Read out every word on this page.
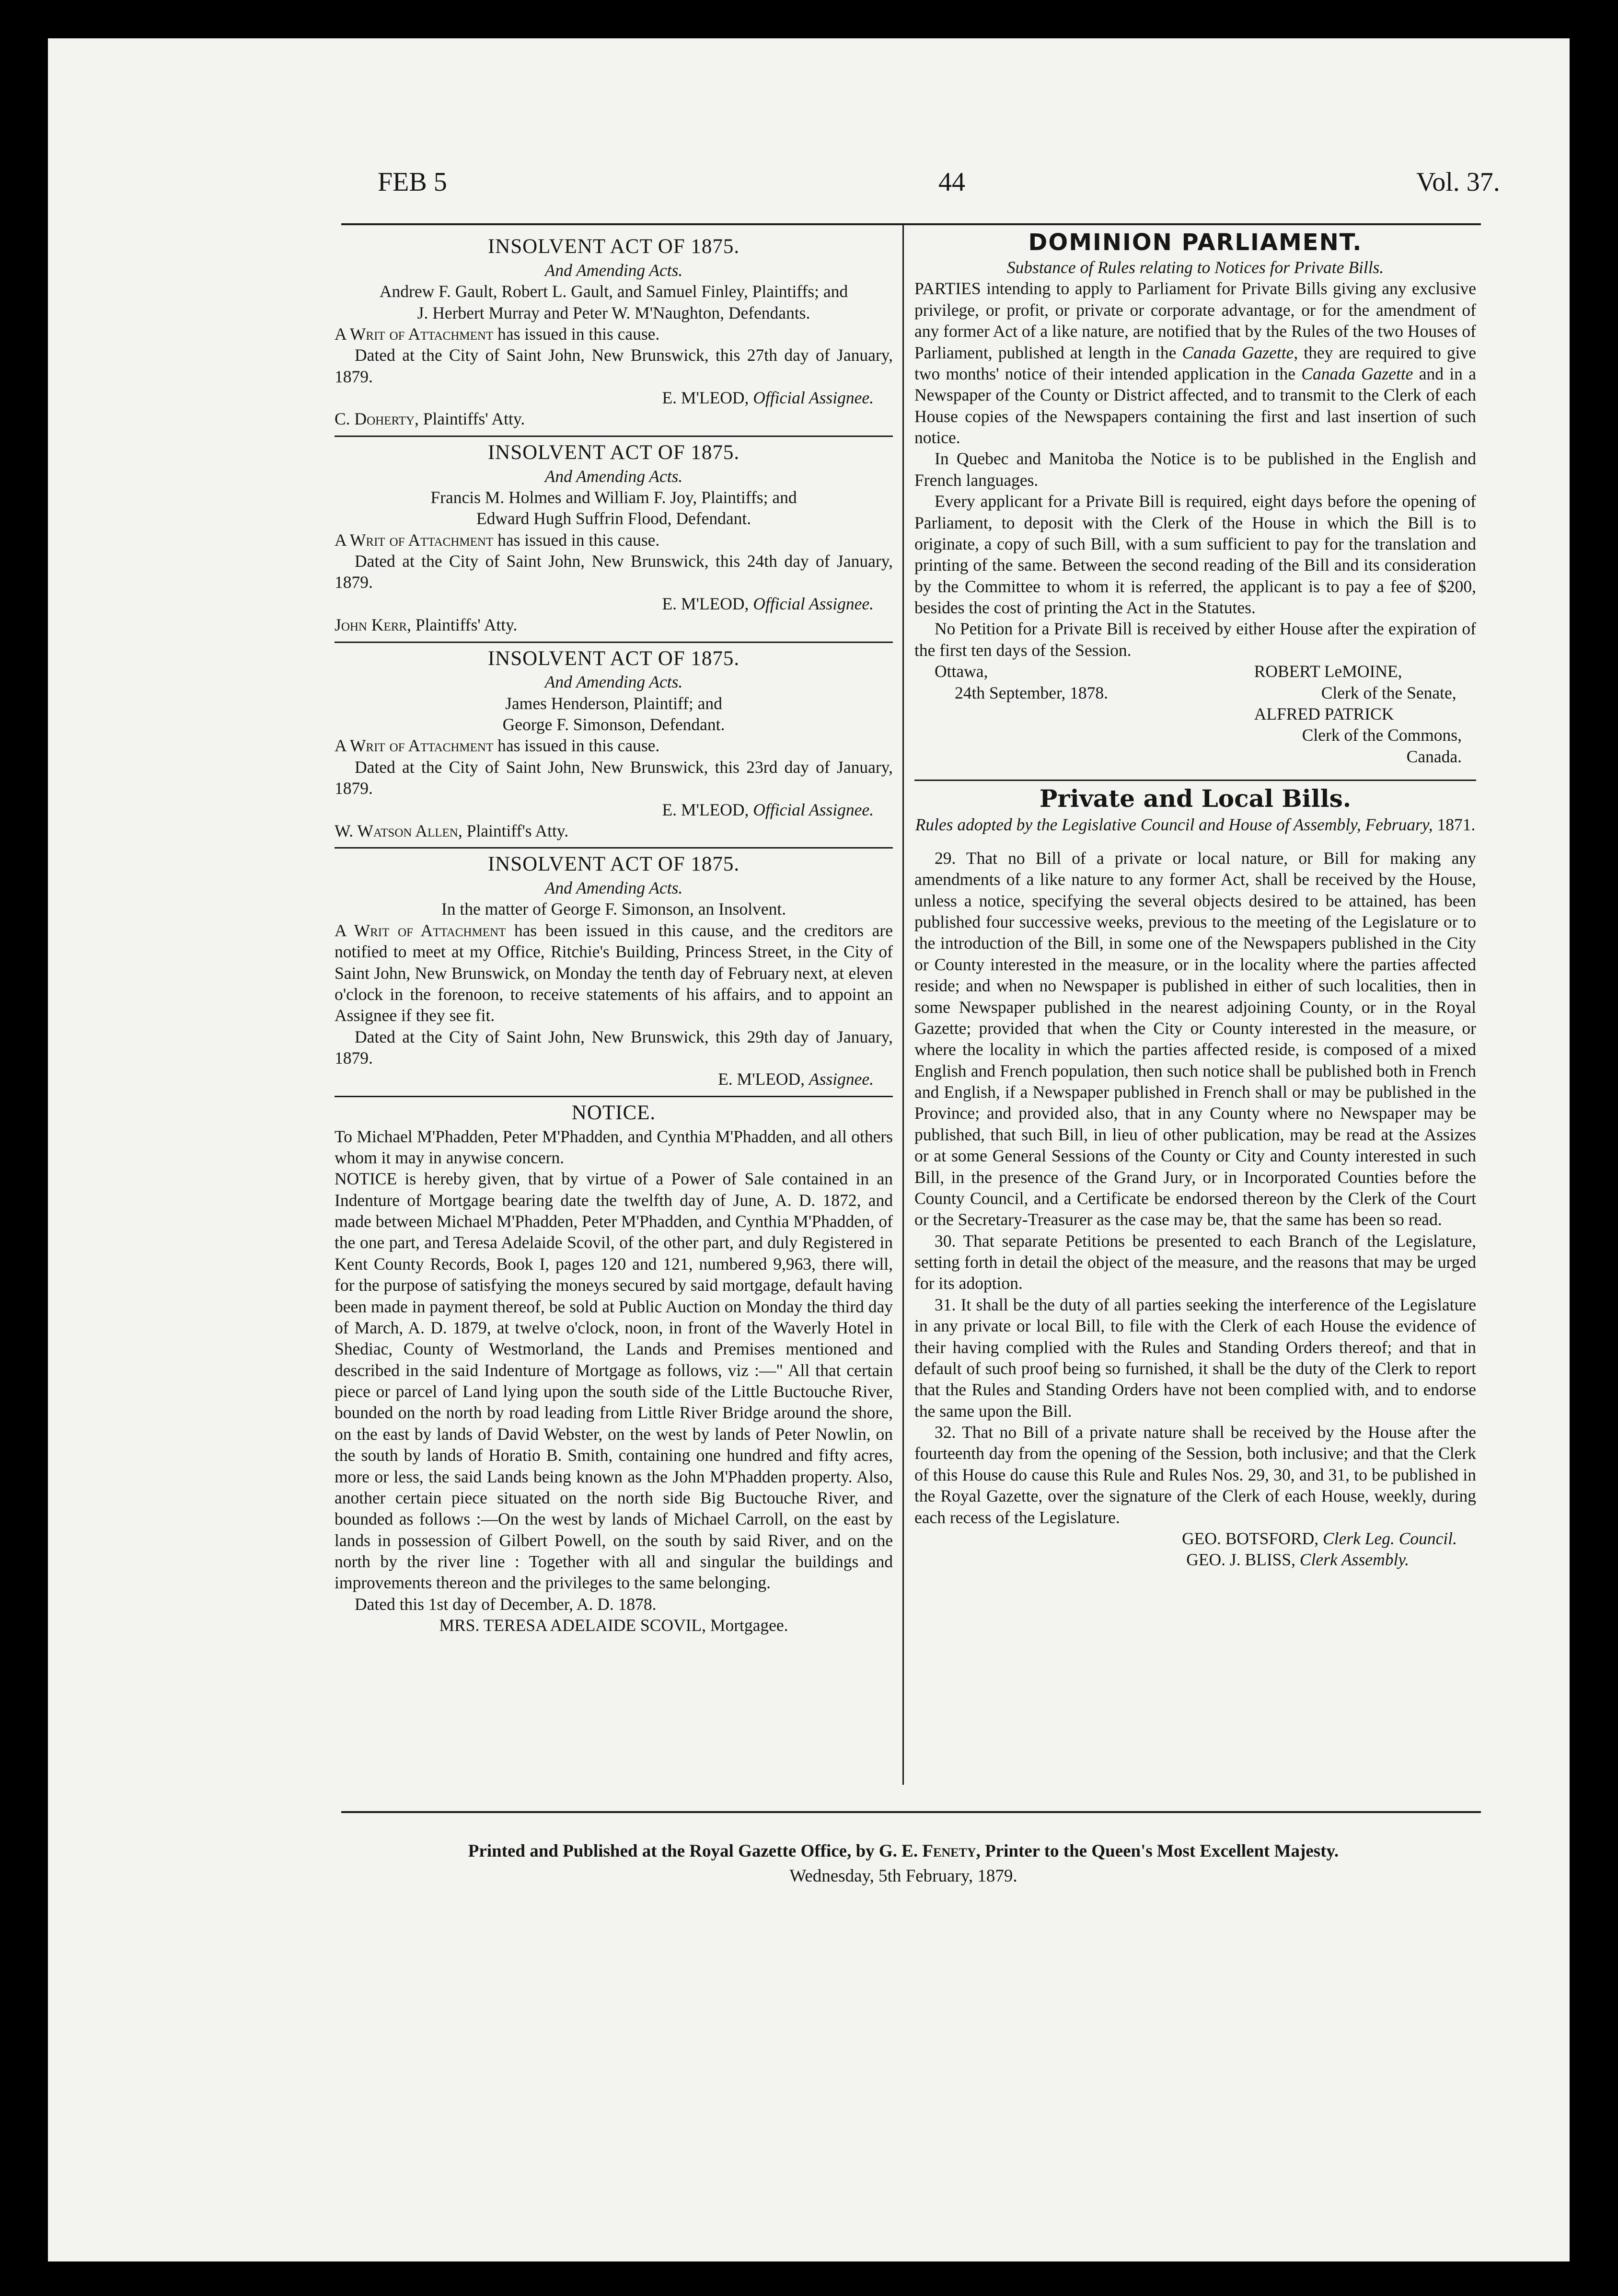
FEB 5	44	Vol. 37.

INSOLVENT ACT OF 1875.

And Amending Acts.

Andrew F. Gault, Robert L. Gault, and Samuel Finley, Plaintiffs; and

J. Herbert Murray and Peter W. M'Naughton, Defendants.

A Writ of Attachment has issued in this cause.

Dated at the City of Saint John, New Brunswick, this 27th day of January, 1879.

E. M'LEOD, Official Assignee.

C. Doherty, Plaintiffs' Atty.

INSOLVENT ACT OF 1875.

And Amending Acts.

Francis M. Holmes and William F. Joy, Plaintiffs; and

Edward Hugh Suffrin Flood, Defendant.

A Writ of Attachment has issued in this cause.

Dated at the City of Saint John, New Brunswick, this 24th day of January, 1879.

E. M'LEOD, Official Assignee.

John Kerr, Plaintiffs' Atty.

INSOLVENT ACT OF 1875.

And Amending Acts.

James Henderson, Plaintiff; and

George F. Simonson, Defendant.

A Writ of Attachment has issued in this cause.

Dated at the City of Saint John, New Brunswick, this 23rd day of January, 1879.

E. M'LEOD, Official Assignee.

W. Watson Allen, Plaintiff's Atty.

INSOLVENT ACT OF 1875.

And Amending Acts.

In the matter of George F. Simonson, an Insolvent.

A Writ of Attachment has been issued in this cause, and the creditors are notified to meet at my Office, Ritchie's Building, Princess Street, in the City of Saint John, New Brunswick, on Monday the tenth day of February next, at eleven o'clock in the forenoon, to receive statements of his affairs, and to appoint an Assignee if they see fit.

Dated at the City of Saint John, New Brunswick, this 29th day of January, 1879.

E. M'LEOD, Assignee.

NOTICE.

To Michael M'Phadden, Peter M'Phadden, and Cynthia M'Phadden, and all others whom it may in anywise concern.

NOTICE is hereby given, that by virtue of a Power of Sale contained in an Indenture of Mortgage bearing date the twelfth day of June, A. D. 1872, and made between Michael M'Phadden, Peter M'Phadden, and Cynthia M'Phadden, of the one part, and Teresa Adelaide Scovil, of the other part, and duly Registered in Kent County Records, Book I, pages 120 and 121, numbered 9,963, there will, for the purpose of satisfying the moneys secured by said mortgage, default having been made in payment thereof, be sold at Public Auction on Monday the third day of March, A. D. 1879, at twelve o'clock, noon, in front of the Waverly Hotel in Shediac, County of Westmorland, the Lands and Premises mentioned and described in the said Indenture of Mortgage as follows, viz :—" All that certain piece or parcel of Land lying upon the south side of the Little Buctouche River, bounded on the north by road leading from Little River Bridge around the shore, on the east by lands of David Webster, on the west by lands of Peter Nowlin, on the south by lands of Horatio B. Smith, containing one hundred and fifty acres, more or less, the said Lands being known as the John M'Phadden property. Also, another certain piece situated on the north side Big Buctouche River, and bounded as follows :—On the west by lands of Michael Carroll, on the east by lands in possession of Gilbert Powell, on the south by said River, and on the north by the river line : Together with all and singular the buildings and improvements thereon and the privileges to the same belonging.

Dated this 1st day of December, A. D. 1878.

MRS. TERESA ADELAIDE SCOVIL, Mortgagee.

DOMINION PARLIAMENT.

Substance of Rules relating to Notices for Private Bills.

PARTIES intending to apply to Parliament for Private Bills giving any exclusive privilege, or profit, or private or corporate advantage, or for the amendment of any former Act of a like nature, are notified that by the Rules of the two Houses of Parliament, published at length in the Canada Gazette, they are required to give two months' notice of their intended application in the Canada Gazette and in a Newspaper of the County or District affected, and to transmit to the Clerk of each House copies of the Newspapers containing the first and last insertion of such notice.

In Quebec and Manitoba the Notice is to be published in the English and French languages.

Every applicant for a Private Bill is required, eight days before the opening of Parliament, to deposit with the Clerk of the House in which the Bill is to originate, a copy of such Bill, with a sum sufficient to pay for the translation and printing of the same. Between the second reading of the Bill and its consideration by the Committee to whom it is referred, the applicant is to pay a fee of $200, besides the cost of printing the Act in the Statutes.

No Petition for a Private Bill is received by either House after the expiration of the first ten days of the Session.

Ottawa,

24th September, 1878.

ROBERT LeMOINE,

Clerk of the Senate,

ALFRED PATRICK

Clerk of the Commons,

Canada.

Private and Local Bills.

Rules adopted by the Legislative Council and House of Assembly, February, 1871.

29. That no Bill of a private or local nature, or Bill for making any amendments of a like nature to any former Act, shall be received by the House, unless a notice, specifying the several objects desired to be attained, has been published four successive weeks, previous to the meeting of the Legislature or to the introduction of the Bill, in some one of the Newspapers published in the City or County interested in the measure, or in the locality where the parties affected reside; and when no Newspaper is published in either of such localities, then in some Newspaper published in the nearest adjoining County, or in the Royal Gazette; provided that when the City or County interested in the measure, or where the locality in which the parties affected reside, is composed of a mixed English and French population, then such notice shall be published both in French and English, if a Newspaper published in French shall or may be published in the Province; and provided also, that in any County where no Newspaper may be published, that such Bill, in lieu of other publication, may be read at the Assizes or at some General Sessions of the County or City and County interested in such Bill, in the presence of the Grand Jury, or in Incorporated Counties before the County Council, and a Certificate be endorsed thereon by the Clerk of the Court or the Secretary-Treasurer as the case may be, that the same has been so read.

30. That separate Petitions be presented to each Branch of the Legislature, setting forth in detail the object of the measure, and the reasons that may be urged for its adoption.

31. It shall be the duty of all parties seeking the interference of the Legislature in any private or local Bill, to file with the Clerk of each House the evidence of their having complied with the Rules and Standing Orders thereof; and that in default of such proof being so furnished, it shall be the duty of the Clerk to report that the Rules and Standing Orders have not been complied with, and to endorse the same upon the Bill.

32. That no Bill of a private nature shall be received by the House after the fourteenth day from the opening of the Session, both inclusive; and that the Clerk of this House do cause this Rule and Rules Nos. 29, 30, and 31, to be published in the Royal Gazette, over the signature of the Clerk of each House, weekly, during each recess of the Legislature.

GEO. BOTSFORD, Clerk Leg. Council.

GEO. J. BLISS, Clerk Assembly.

Printed and Published at the Royal Gazette Office, by G. E. Fenety, Printer to the Queen's Most Excellent Majesty.

Wednesday, 5th February, 1879.
